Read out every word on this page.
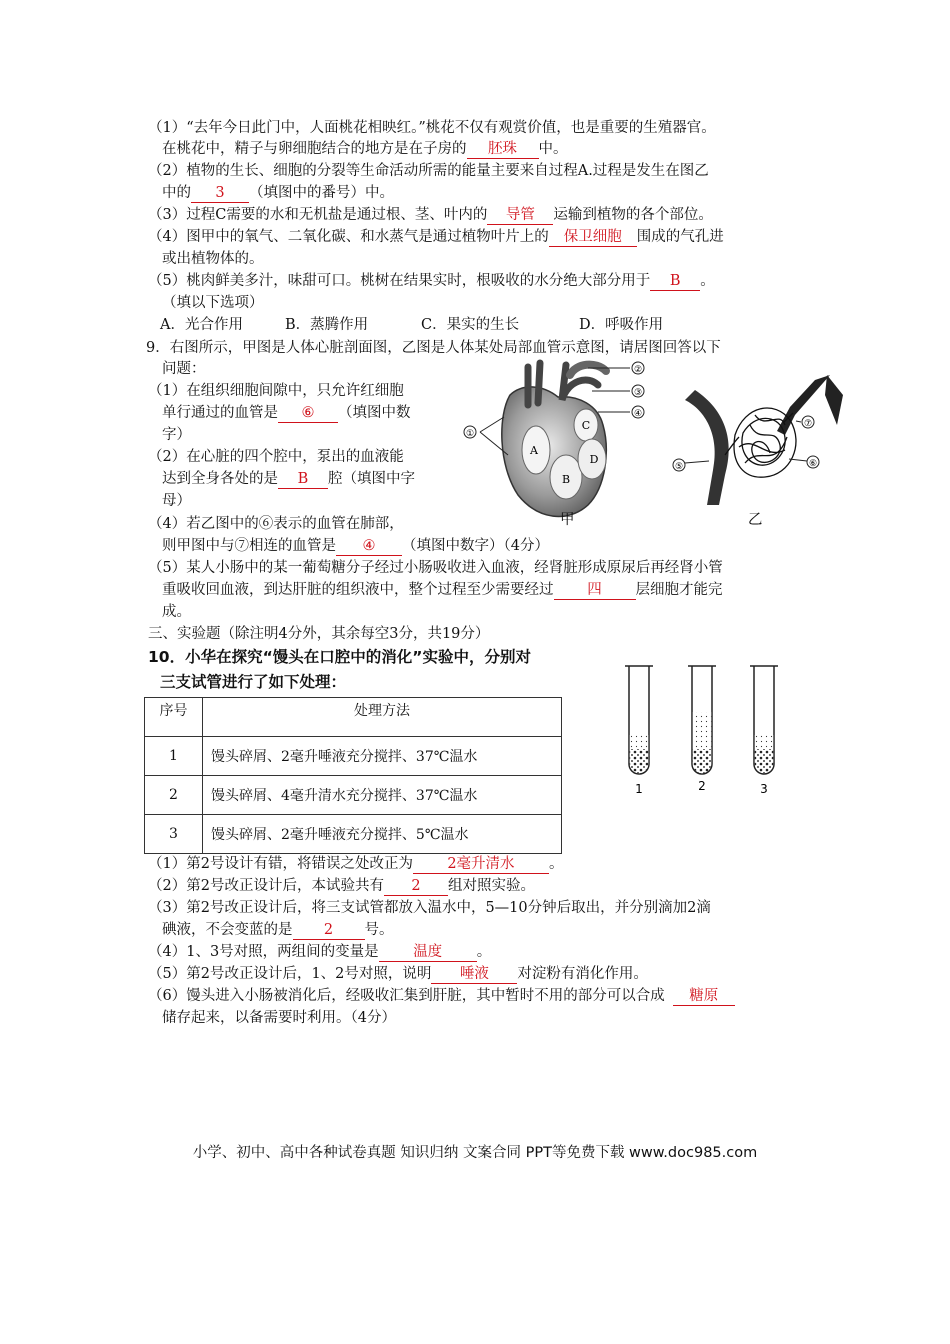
（1）“去年今日此门中，人面桃花相映红。”桃花不仅有观赏价值，也是重要的生殖器官。
在桃花中，精子与卵细胞结合的地方是在子房的 胚珠 中。
（2）植物的生长、细胞的分裂等生命活动所需的能量主要来自过程A.过程是发生在图乙
中的 3 （填图中的番号）中。
（3）过程C需要的水和无机盐是通过根、茎、叶内的 导管 运输到植物的各个部位。
（4）图甲中的氧气、二氧化碳、和水蒸气是通过植物叶片上的 保卫细胞 围成的气孔进
或出植物体的。
（5）桃肉鲜美多汁，味甜可口。桃树在结果实时，根吸收的水分绝大部分用于 B 。
（填以下选项）
A．光合作用	B．蒸腾作用	C．果实的生长	D．呼吸作用
9．右图所示，甲图是人体心脏剖面图，乙图是人体某处局部血管示意图，请居图回答以下
问题：
（1）在组织细胞间隙中，只允许红细胞
单行通过的血管是 ⑥ （填图中数
字）
（2）在心脏的四个腔中，泵出的血液能
达到全身各处的是 B 腔（填图中字
母）
（4）若乙图中的⑥表示的血管在肺部，
则甲图中与⑦相连的血管是 ④ （填图中数字）（4分）
（5）某人小肠中的某一葡萄糖分子经过小肠吸收进入血液，经肾脏形成原尿后再经肾小管
重吸收回血液，到达肝脏的组织液中，整个过程至少需要经过 四 层细胞才能完
成。
①
②
③
④
A
B
C
D
甲
⑤	⑥
⑦
乙
三、实验题（除注明4分外，其余每空3分，共19分）
10．小华在探究“馒头在口腔中的消化”实验中，分别对
三支试管进行了如下处理：
序号	处理方法
1	馒头碎屑、2毫升唾液充分搅拌、37℃温水
2	馒头碎屑、4毫升清水充分搅拌、37℃温水
3	馒头碎屑、2毫升唾液充分搅拌、5℃温水
1	2	3
（1）第2号设计有错，将错误之处改正为 2毫升清水 。
（2）第2号改正设计后，本试验共有 2 组对照实验。
（3）第2号改正设计后，将三支试管都放入温水中，5—10分钟后取出，并分别滴加2滴
碘液，不会变蓝的是 2 号。
（4）1、3号对照，两组间的变量是 温度 。
（5）第2号改正设计后，1、2号对照，说明 唾液 对淀粉有消化作用。
（6）馒头进入小肠被消化后，经吸收汇集到肝脏，其中暂时不用的部分可以合成 糖原
储存起来，以备需要时利用。（4分）
小学、初中、高中各种试卷真题 知识归纳 文案合同 PPT等免费下载 www.doc985.com
